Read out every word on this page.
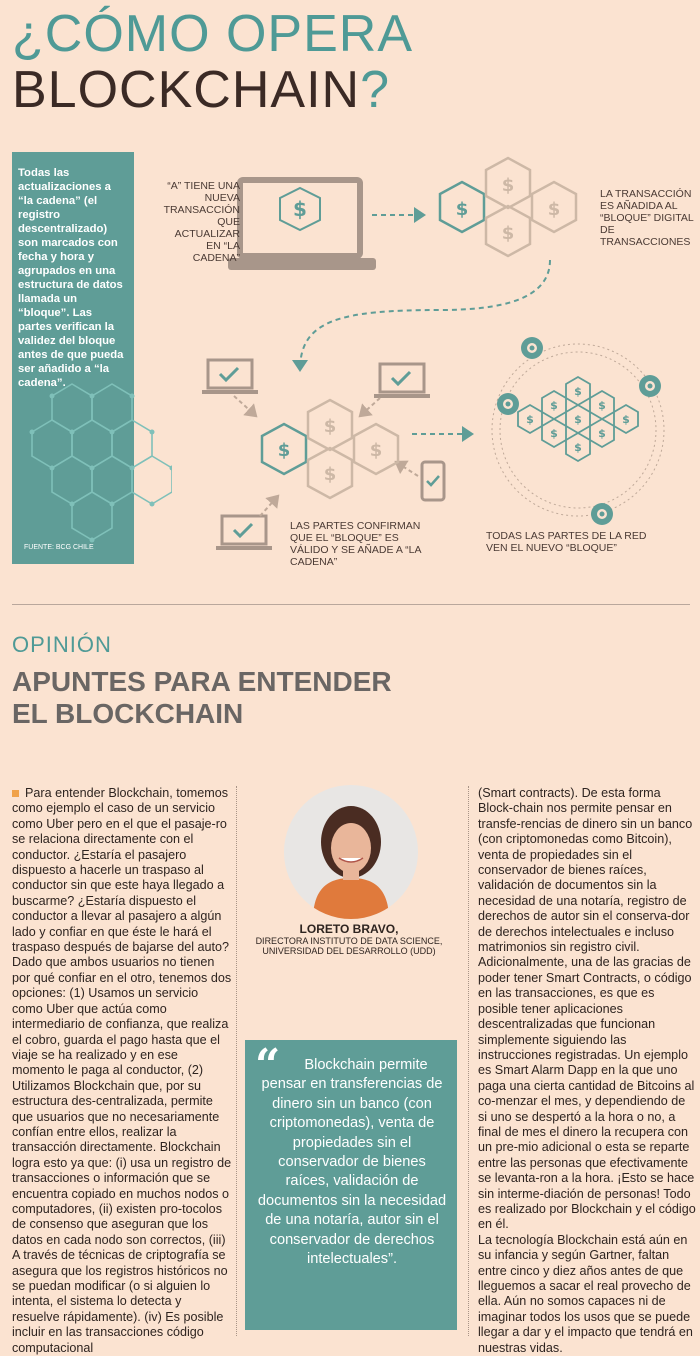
¿CÓMO OPERA
BLOCKCHAIN?

Todas las actualizaciones a “la cadena” (el registro descentralizado) son marcados con fecha y hora y agrupados en una estructura de datos llamada un “bloque”. Las partes verifican la validez del bloque antes de que pueda ser añadido a “la cadena”.

FUENTE: BCG CHILE
$	$
$
$
$
$
$
$
$
$
$	$
$
$	$
$
$	$
“A” TIENE UNA NUEVA TRANSACCIÓN QUE ACTUALIZAR EN “LA CADENA”
LA TRANSACCIÓN ES AÑADIDA AL “BLOQUE” DIGITAL DE TRANSACCIONES
LAS PARTES CONFIRMAN QUE EL “BLOQUE” ES VÁLIDO Y SE AÑADE A “LA CADENA”
TODAS LAS PARTES DE LA RED VEN EL NUEVO “BLOQUE”
OPINIÓN
APUNTES PARA ENTENDER
EL BLOCKCHAIN

Para entender Blockchain, tomemos como ejemplo el caso de un servicio como Uber pero en el que el pasaje-ro se relaciona directamente con el conductor. ¿Estaría el pasajero dispuesto a hacerle un traspaso al conductor sin que este haya llegado a buscarme? ¿Estaría dispuesto el conductor a llevar al pasajero a algún lado y confiar en que éste le hará el traspaso después de bajarse del auto? Dado que ambos usuarios no tienen por qué confiar en el otro, tenemos dos opciones: (1) Usamos un servicio como Uber que actúa como intermediario de confianza, que realiza el cobro, guarda el pago hasta que el viaje se ha realizado y en ese momento le paga al conductor, (2) Utilizamos Blockchain que, por su estructura des-centralizada, permite que usuarios que no necesariamente confían entre ellos, realizar la transacción directamente. Blockchain logra esto ya que: (i) usa un registro de transacciones o información que se encuentra copiado en muchos nodos o computadores, (ii) existen pro-tocolos de consenso que aseguran que los datos en cada nodo son correctos, (iii) A través de técnicas de criptografía se asegura que los registros históricos no se puedan modificar (o si alguien lo intenta, el sistema lo detecta y resuelve rápidamente). (iv) Es posible incluir en las transacciones código computacional

LORETO BRAVO,
DIRECTORA INSTITUTO DE DATA SCIENCE, UNIVERSIDAD DEL DESARROLLO (UDD)
“	Blockchain permite pensar en transferencias de dinero sin un banco (con criptomonedas), venta de propiedades sin el conservador de bienes raíces, validación de documentos sin la necesidad de una notaría, autor sin el conservador de derechos intelectuales”.

(Smart contracts). De esta forma Block-chain nos permite pensar en transfe-rencias de dinero sin un banco (con criptomonedas como Bitcoin), venta de propiedades sin el conservador de bienes raíces, validación de documentos sin la necesidad de una notaría, registro de derechos de autor sin el conserva-dor de derechos intelectuales e incluso matrimonios sin registro civil.

Adicionalmente, una de las gracias de poder tener Smart Contracts, o código en las transacciones, es que es posible tener aplicaciones descentralizadas que funcionan simplemente siguiendo las instrucciones registradas. Un ejemplo es Smart Alarm Dapp en la que uno paga una cierta cantidad de Bitcoins al co-menzar el mes, y dependiendo de si uno se despertó a la hora o no, a final de mes el dinero la recupera con un pre-mio adicional o esta se reparte entre las personas que efectivamente se levanta-ron a la hora. ¡Esto se hace sin interme-diación de personas! Todo es realizado por Blockchain y el código en él.

La tecnología Blockchain está aún en su infancia y según Gartner, faltan entre cinco y diez años antes de que lleguemos a sacar el real provecho de ella. Aún no somos capaces ni de imaginar todos los usos que se puede llegar a dar y el impacto que tendrá en nuestras vidas.
